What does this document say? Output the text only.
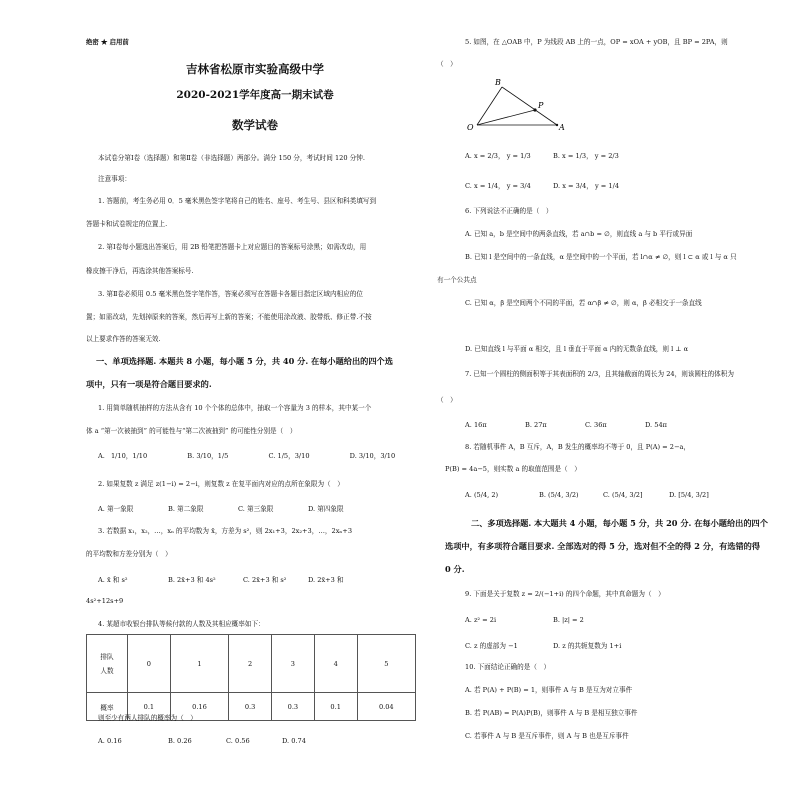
绝密 ★ 启用前
吉林省松原市实验高级中学
2020-2021学年度高一期末试卷
数学试卷
本试卷分第Ⅰ卷（选择题）和第Ⅱ卷（非选择题）两部分。满分 150 分，考试时间 120 分钟.
注意事项：
1. 答题前，考生务必用 0．5 毫米黑色签字笔将自己的姓名、座号、考生号、县区和科类填写到
答题卡和试卷规定的位置上.
2. 第Ⅰ卷每小题选出答案后，用 2B 铅笔把答题卡上对应题目的答案标号涂黑；如需改动，用
橡皮擦干净后，再选涂其他答案标号.
3. 第Ⅱ卷必须用 0.5 毫米黑色签字笔作答，答案必须写在答题卡各题目指定区域内相应的位
置；如需改动，先划掉原来的答案，然后再写上新的答案；不能使用涂改液、胶带纸、修正带.不按
以上要求作答的答案无效.
一、单项选择题. 本题共 8 小题，每小题 5 分，共 40 分. 在每小题给出的四个选
项中，只有一项是符合题目要求的.
1. 用简单随机抽样的方法从含有 10 个个体的总体中，抽取一个容量为 3 的样本，其中某一个
体 a “第一次被抽到” 的可能性与“第二次被抽到” 的可能性分别是（　）
A. 1/10，1/10	B. 3/10，1/5	C. 1/5，3/10	D. 3/10，3/10
2. 如果复数 z 满足 z(1−i) = 2−i，则复数 z 在复平面内对应的点所在象限为（　）
A. 第一象限	B. 第二象限	C. 第三象限	D. 第四象限
3. 若数据 x₁，x₂，…，xₙ 的平均数为 x̄，方差为 s²，则 2x₁+3，2x₂+3，…，2xₙ+3
的平均数和方差分别为（　）
A. x̄ 和 s²	B. 2x̄+3 和 4s²	C. 2x̄+3 和 s²	D. 2x̄+3 和
4s²+12s+9
4. 某超市收银台排队等候付款的人数及其相应概率如下：
排队
人数	0	1	2	3	4	5
概率	0.1	0.16	0.3	0.3	0.1	0.04
则至少有两人排队的概率为（　）
A. 0.16	B. 0.26	C. 0.56	D. 0.74
5. 如图，在 △OAB 中，P 为线段 AB 上的一点，OP = xOA + yOB，且 BP = 2PA，则
（　）
B
P
O	A
A. x = 2/3， y = 1/3	B. x = 1/3， y = 2/3
C. x = 1/4， y = 3/4	D. x = 3/4， y = 1/4
6. 下列说法不正确的是（　）
A. 已知 a，b 是空间中的两条直线，若 a∩b = ∅，则直线 a 与 b 平行或异面
B. 已知 l 是空间中的一条直线，α 是空间中的一个平面，若 l∩α ≠ ∅，则 l ⊂ α 或 l 与 α 只
有一个公共点
C. 已知 α，β 是空间两个不同的平面，若 α∩β ≠ ∅，则 α，β 必相交于一条直线
D. 已知直线 l 与平面 α 相交，且 l 垂直于平面 α 内的无数条直线，则 l ⊥ α
7. 已知一个圆柱的侧面积等于其表面积的 2/3，且其轴截面的周长为 24，则该圆柱的体积为
（　）
A. 16π	B. 27π	C. 36π	D. 54π
8. 若随机事件 A，B 互斥，A，B 发生的概率均不等于 0，且 P(A) = 2−a，
P(B) = 4a−5，则实数 a 的取值范围是（　）
A. (5/4, 2)	B. (5/4, 3/2)	C. (5/4, 3/2]	D. [5/4, 3/2]
二、多项选择题. 本大题共 4 小题，每小题 5 分，共 20 分. 在每小题给出的四个
选项中，有多项符合题目要求. 全部选对的得 5 分，选对但不全的得 2 分，有选错的得
0 分.
9. 下面是关于复数 z = 2/(−1+i) 的四个命题，其中真命题为（　）
A. z² = 2i	B. |z| = 2
C. z 的虚部为 −1	D. z 的共轭复数为 1+i
10. 下面结论正确的是（　）
A. 若 P(A) + P(B) = 1，则事件 A 与 B 是互为对立事件
B. 若 P(AB) = P(A)P(B)，则事件 A 与 B 是相互独立事件
C. 若事件 A 与 B 是互斥事件，则 A 与 B 也是互斥事件
